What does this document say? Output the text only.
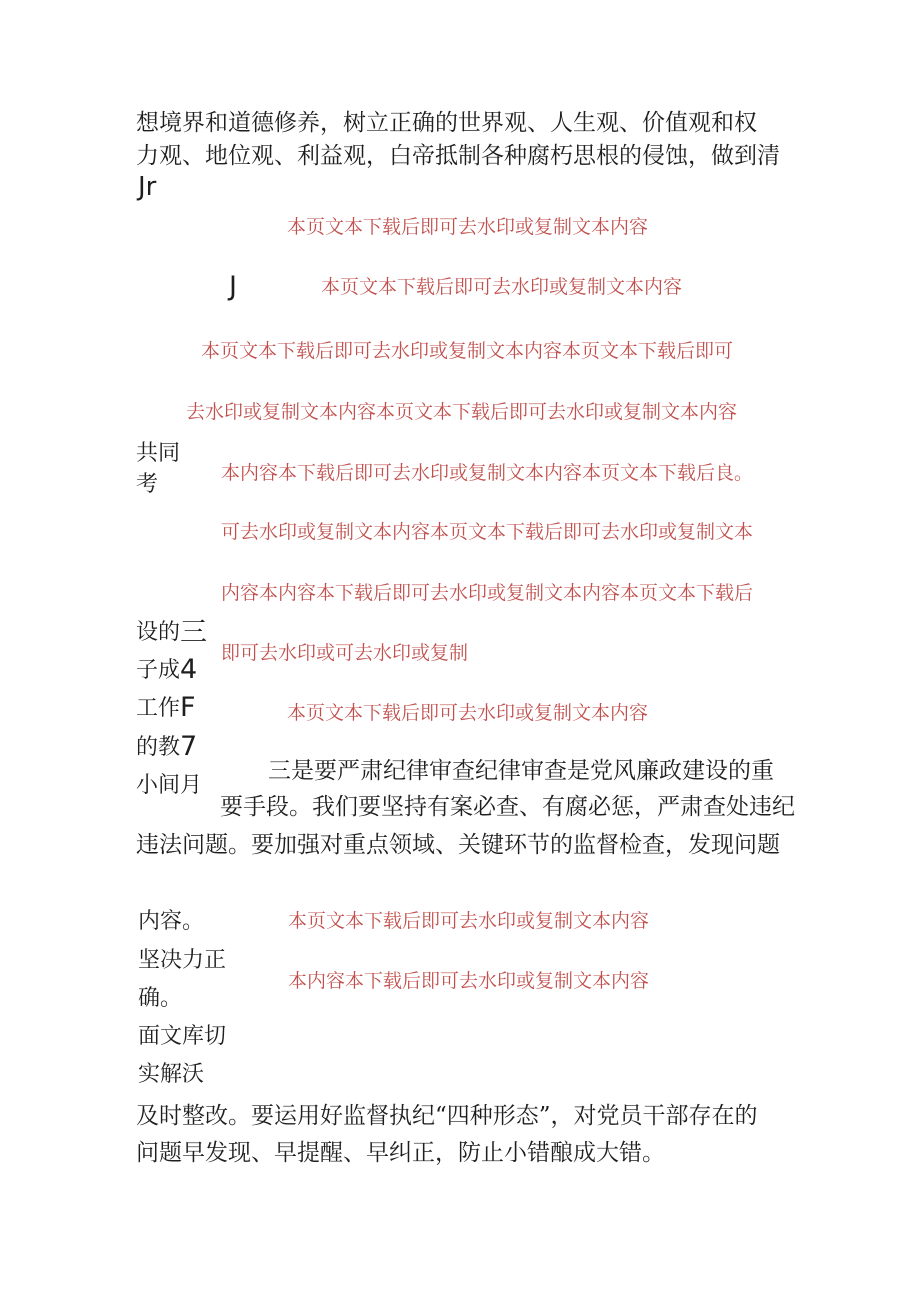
想境界和道德修养，树立正确的世界观、人生观、价值观和权
力观、地位观、利益观，白帝抵制各种腐朽思根的侵蚀，做到清
Jr
本页文本下载后即可去水印或复制文本内容
J	本页文本下载后即可去水印或复制文本内容
本页文本下载后即可去水印或复制文本内容本页文本下载后即可
去水印或复制文本内容本页文本下载后即可去水印或复制文本内容
共同
考	本内容本下载后即可去水印或复制文本内容本页文本下载后良。
可去水印或复制文本内容本页文本下载后即可去水印或复制文本
内容本内容本下载后即可去水印或复制文本内容本页文本下载后
设的 三
即可去水印或可去水印或复制
子成 4
工作 F	本页文本下载后即可去水印或复制文本内容
的教 7
小间月
三是要严肃纪律审查纪律审查是党风廉政建设的重
要手段。我们要坚持有案必查、有腐必惩，严肃查处违纪
违法问题。要加强对重点领域、关键环节的监督检查，发现问题
内容。	本页文本下载后即可去水印或复制文本内容
坚决力正
本内容本下载后即可去水印或复制文本内容
确。
面文库切
实解沃
及时整改。要运用好监督执纪“四种形态”，对党员干部存在的
问题早发现、早提醒、早纠正，防止小错酿成大错。
